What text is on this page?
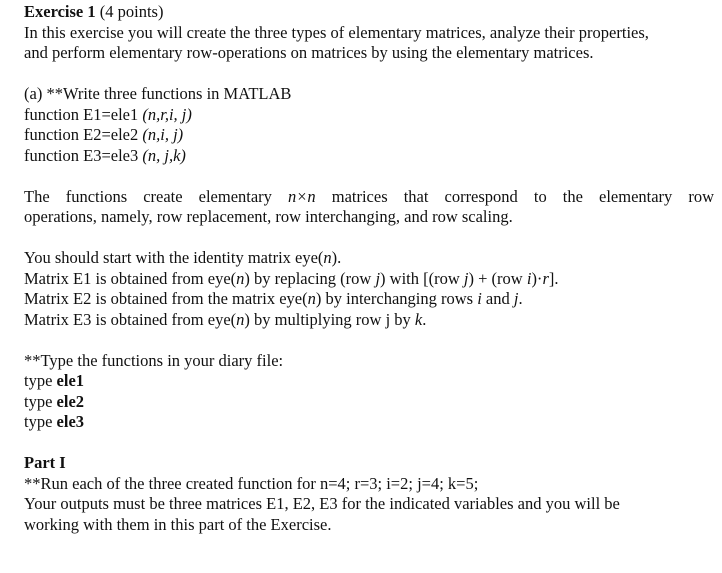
Exercise 1 (4 points)
In this exercise you will create the three types of elementary matrices, analyze their properties,
and perform elementary row-operations on matrices by using the elementary matrices.
(a) **Write three functions in MATLAB
function E1=ele1 (n,r,i, j)
function E2=ele2 (n,i, j)
function E3=ele3 (n, j,k)
The functions create elementary n×n matrices that correspond to the elementary row
operations, namely, row replacement, row interchanging, and row scaling.
You should start with the identity matrix eye(n).
Matrix E1 is obtained from eye(n) by replacing (row j) with [(row j) + (row i)·r].
Matrix E2 is obtained from the matrix eye(n) by interchanging rows i and j.
Matrix E3 is obtained from eye(n) by multiplying row j by k.
**Type the functions in your diary file:
type ele1
type ele2
type ele3
Part I
**Run each of the three created function for n=4; r=3; i=2; j=4; k=5;
Your outputs must be three matrices E1, E2, E3 for the indicated variables and you will be
working with them in this part of the Exercise.
